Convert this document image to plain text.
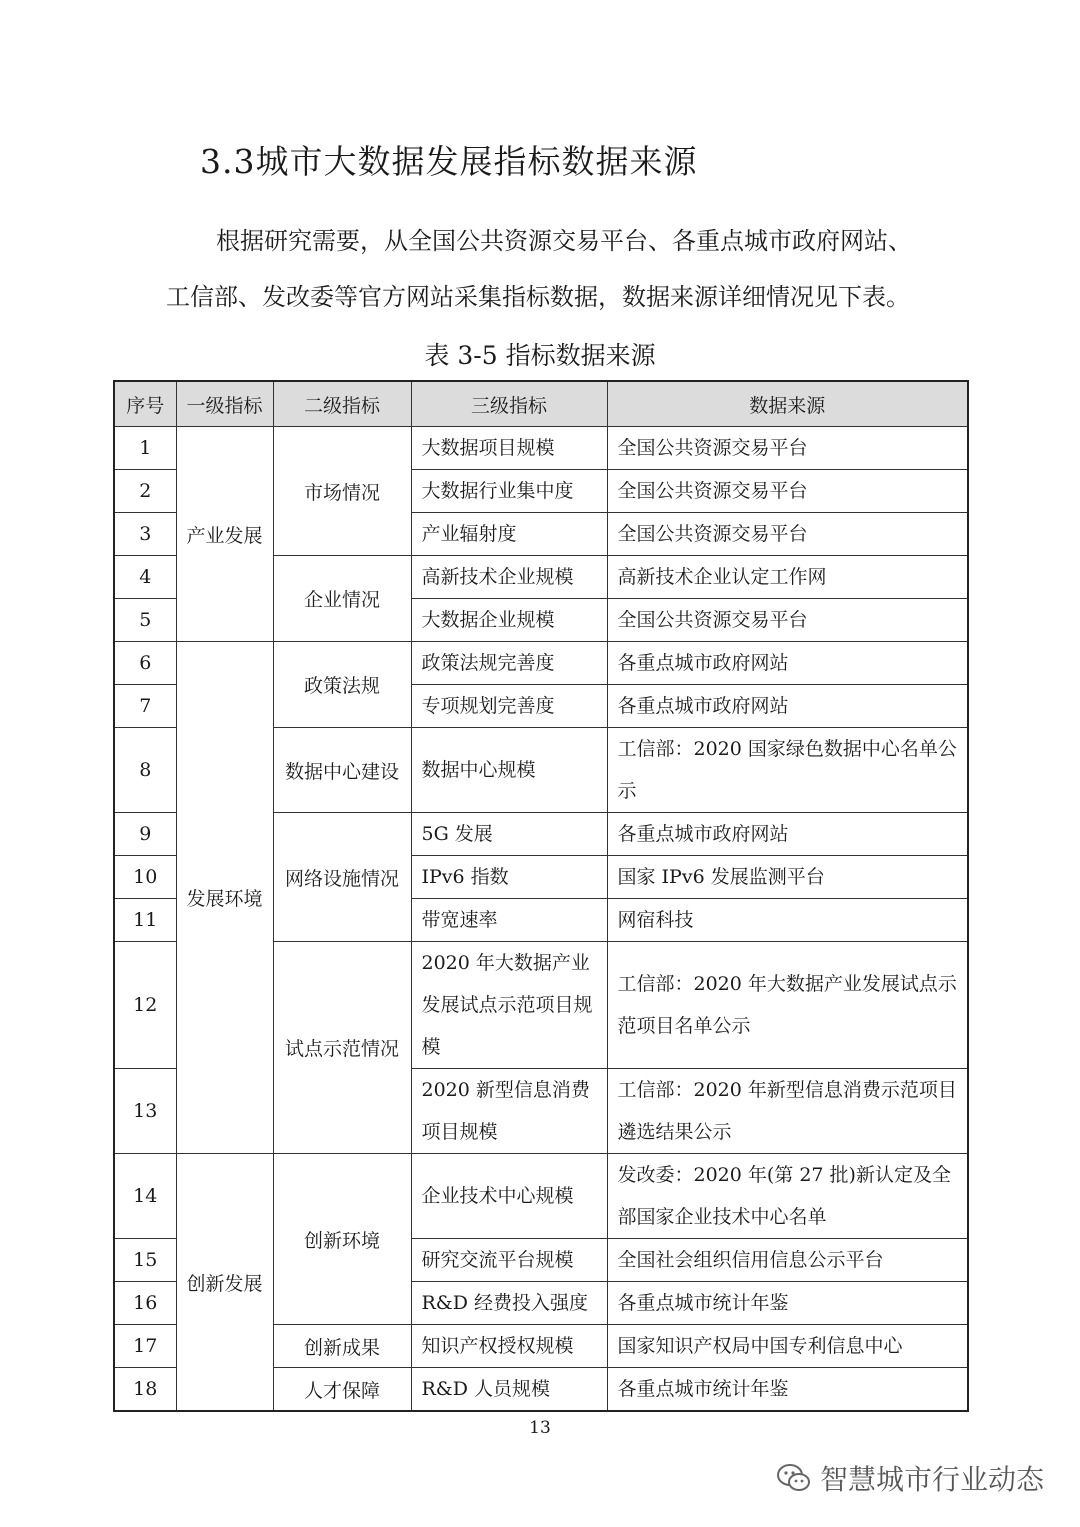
3.3城市大数据发展指标数据来源

根据研究需要，从全国公共资源交易平台、各重点城市政府网站、

工信部、发改委等官方网站采集指标数据，数据来源详细情况见下表。

表 3-5 指标数据来源

序号	一级指标	二级指标	三级指标	数据来源
1	产业发展	市场情况	大数据项目规模	全国公共资源交易平台
2			大数据行业集中度	全国公共资源交易平台
3			产业辐射度	全国公共资源交易平台
4		企业情况	高新技术企业规模	高新技术企业认定工作网
5			大数据企业规模	全国公共资源交易平台
6	发展环境	政策法规	政策法规完善度	各重点城市政府网站
7			专项规划完善度	各重点城市政府网站
8		数据中心建设	数据中心规模	工信部：2020 国家绿色数据中心名单公示
9		网络设施情况	5G 发展	各重点城市政府网站
10			IPv6 指数	国家 IPv6 发展监测平台
11			带宽速率	网宿科技
12		试点示范情况	2020 年大数据产业发展试点示范项目规模	工信部：2020 年大数据产业发展试点示范项目名单公示
13			2020 新型信息消费项目规模	工信部：2020 年新型信息消费示范项目遴选结果公示
14	创新发展	创新环境	企业技术中心规模	发改委：2020 年(第 27 批)新认定及全部国家企业技术中心名单
15			研究交流平台规模	全国社会组织信用信息公示平台
16			R&D 经费投入强度	各重点城市统计年鉴
17		创新成果	知识产权授权规模	国家知识产权局中国专利信息中心
18		人才保障	R&D 人员规模	各重点城市统计年鉴

13

智慧城市行业动态
